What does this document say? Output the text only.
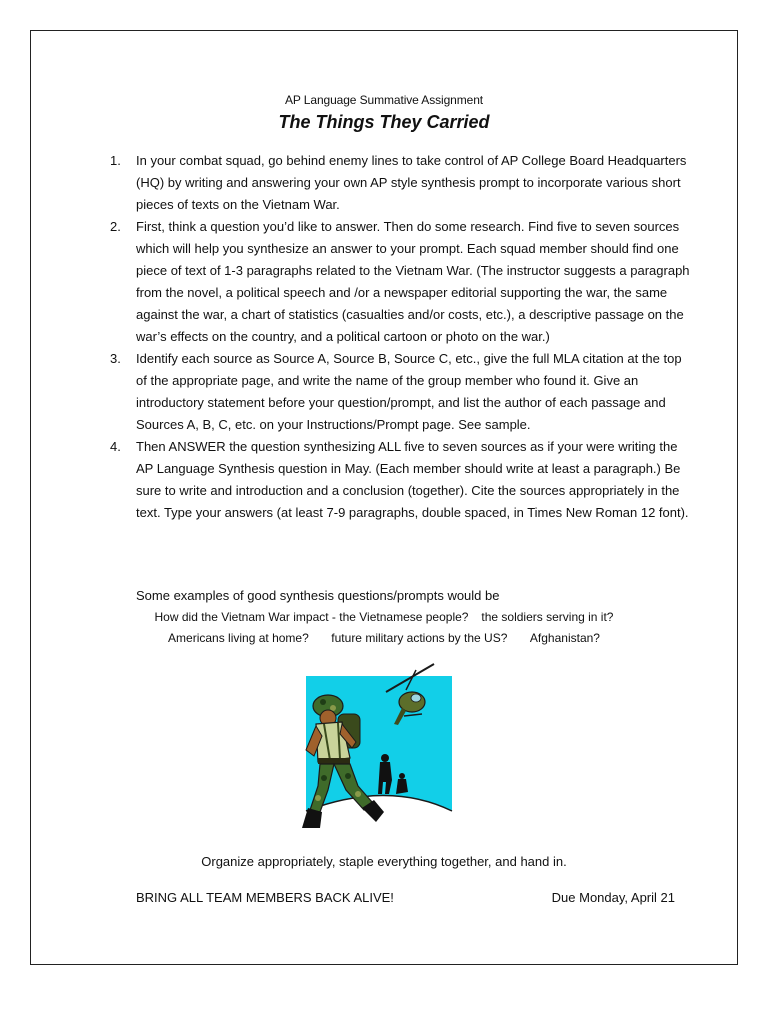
AP Language Summative Assignment
The Things They Carried
1. In your combat squad, go behind enemy lines to take control of AP College Board Headquarters (HQ) by writing and answering your own AP style synthesis prompt to incorporate various short pieces of texts on the Vietnam War.
2. First, think a question you’d like to answer. Then do some research. Find five to seven sources which will help you synthesize an answer to your prompt. Each squad member should find one piece of text of 1-3 paragraphs related to the Vietnam War. (The instructor suggests a paragraph from the novel, a political speech and /or a newspaper editorial supporting the war, the same against the war, a chart of statistics (casualties and/or costs, etc.), a descriptive passage on the war’s effects on the country, and a political cartoon or photo on the war.)
3. Identify each source as Source A, Source B, Source C, etc., give the full MLA citation at the top of the appropriate page, and write the name of the group member who found it. Give an introductory statement before your question/prompt, and list the author of each passage and Sources A, B, C, etc. on your Instructions/Prompt page. See sample.
4. Then ANSWER the question synthesizing ALL five to seven sources as if your were writing the AP Language Synthesis question in May. (Each member should write at least a paragraph.) Be sure to write and introduction and a conclusion (together). Cite the sources appropriately in the text. Type your answers (at least 7-9 paragraphs, double spaced, in Times New Roman 12 font).
Some examples of good synthesis questions/prompts would be
How did the Vietnam War impact - the Vietnamese people? the soldiers serving in it?
Americans living at home? future military actions by the US? Afghanistan?
Organize appropriately, staple everything together, and hand in.
BRING ALL TEAM MEMBERS BACK ALIVE!	Due Monday, April 21
